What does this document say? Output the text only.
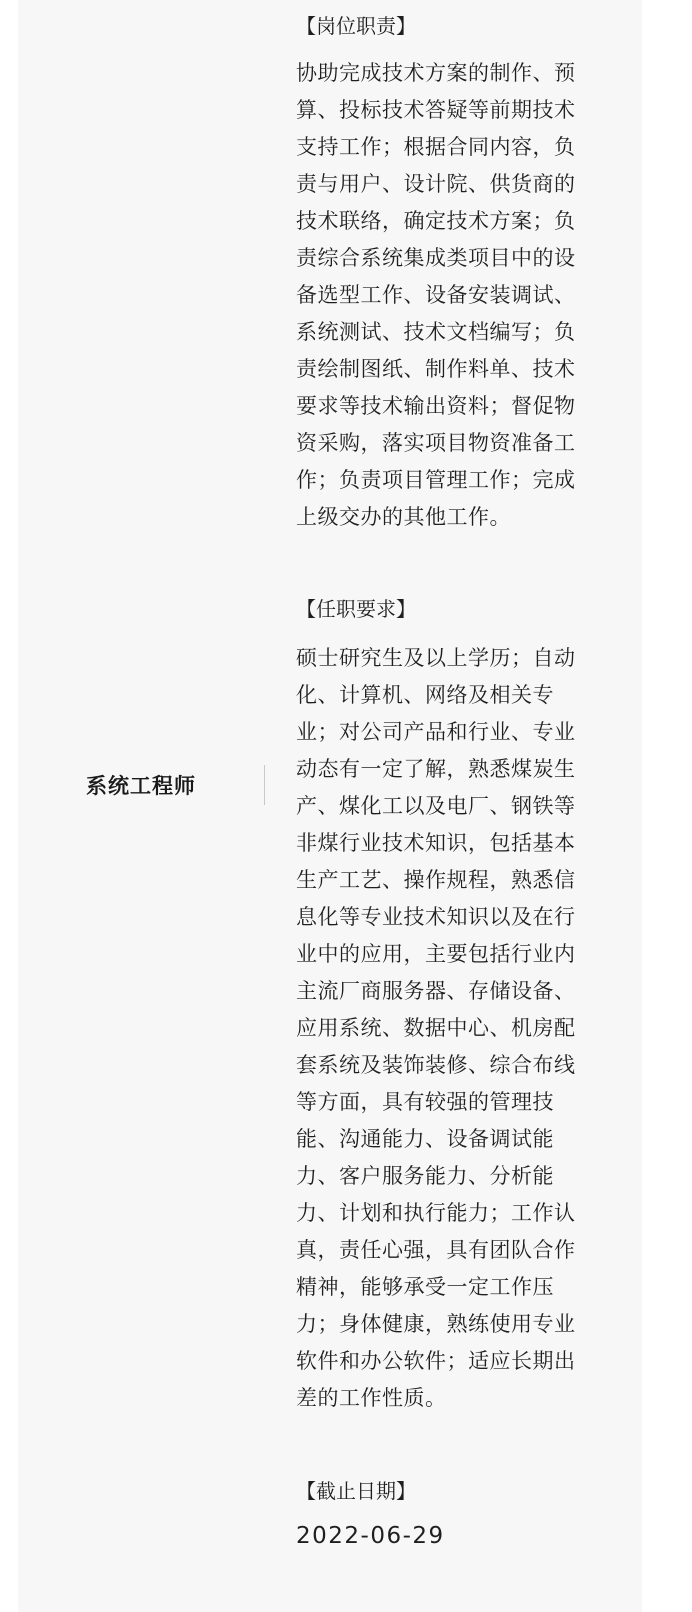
系统工程师
【岗位职责】
协助完成技术方案的制作、预
算、投标技术答疑等前期技术
支持工作；根据合同内容，负
责与用户、设计院、供货商的
技术联络，确定技术方案；负
责综合系统集成类项目中的设
备选型工作、设备安装调试、
系统测试、技术文档编写；负
责绘制图纸、制作料单、技术
要求等技术输出资料；督促物
资采购，落实项目物资准备工
作；负责项目管理工作；完成
上级交办的其他工作。
【任职要求】
硕士研究生及以上学历；自动
化、计算机、网络及相关专
业；对公司产品和行业、专业
动态有一定了解，熟悉煤炭生
产、煤化工以及电厂、钢铁等
非煤行业技术知识，包括基本
生产工艺、操作规程，熟悉信
息化等专业技术知识以及在行
业中的应用，主要包括行业内
主流厂商服务器、存储设备、
应用系统、数据中心、机房配
套系统及装饰装修、综合布线
等方面，具有较强的管理技
能、沟通能力、设备调试能
力、客户服务能力、分析能
力、计划和执行能力；工作认
真，责任心强，具有团队合作
精神，能够承受一定工作压
力；身体健康，熟练使用专业
软件和办公软件；适应长期出
差的工作性质。
【截止日期】
2022-06-29
